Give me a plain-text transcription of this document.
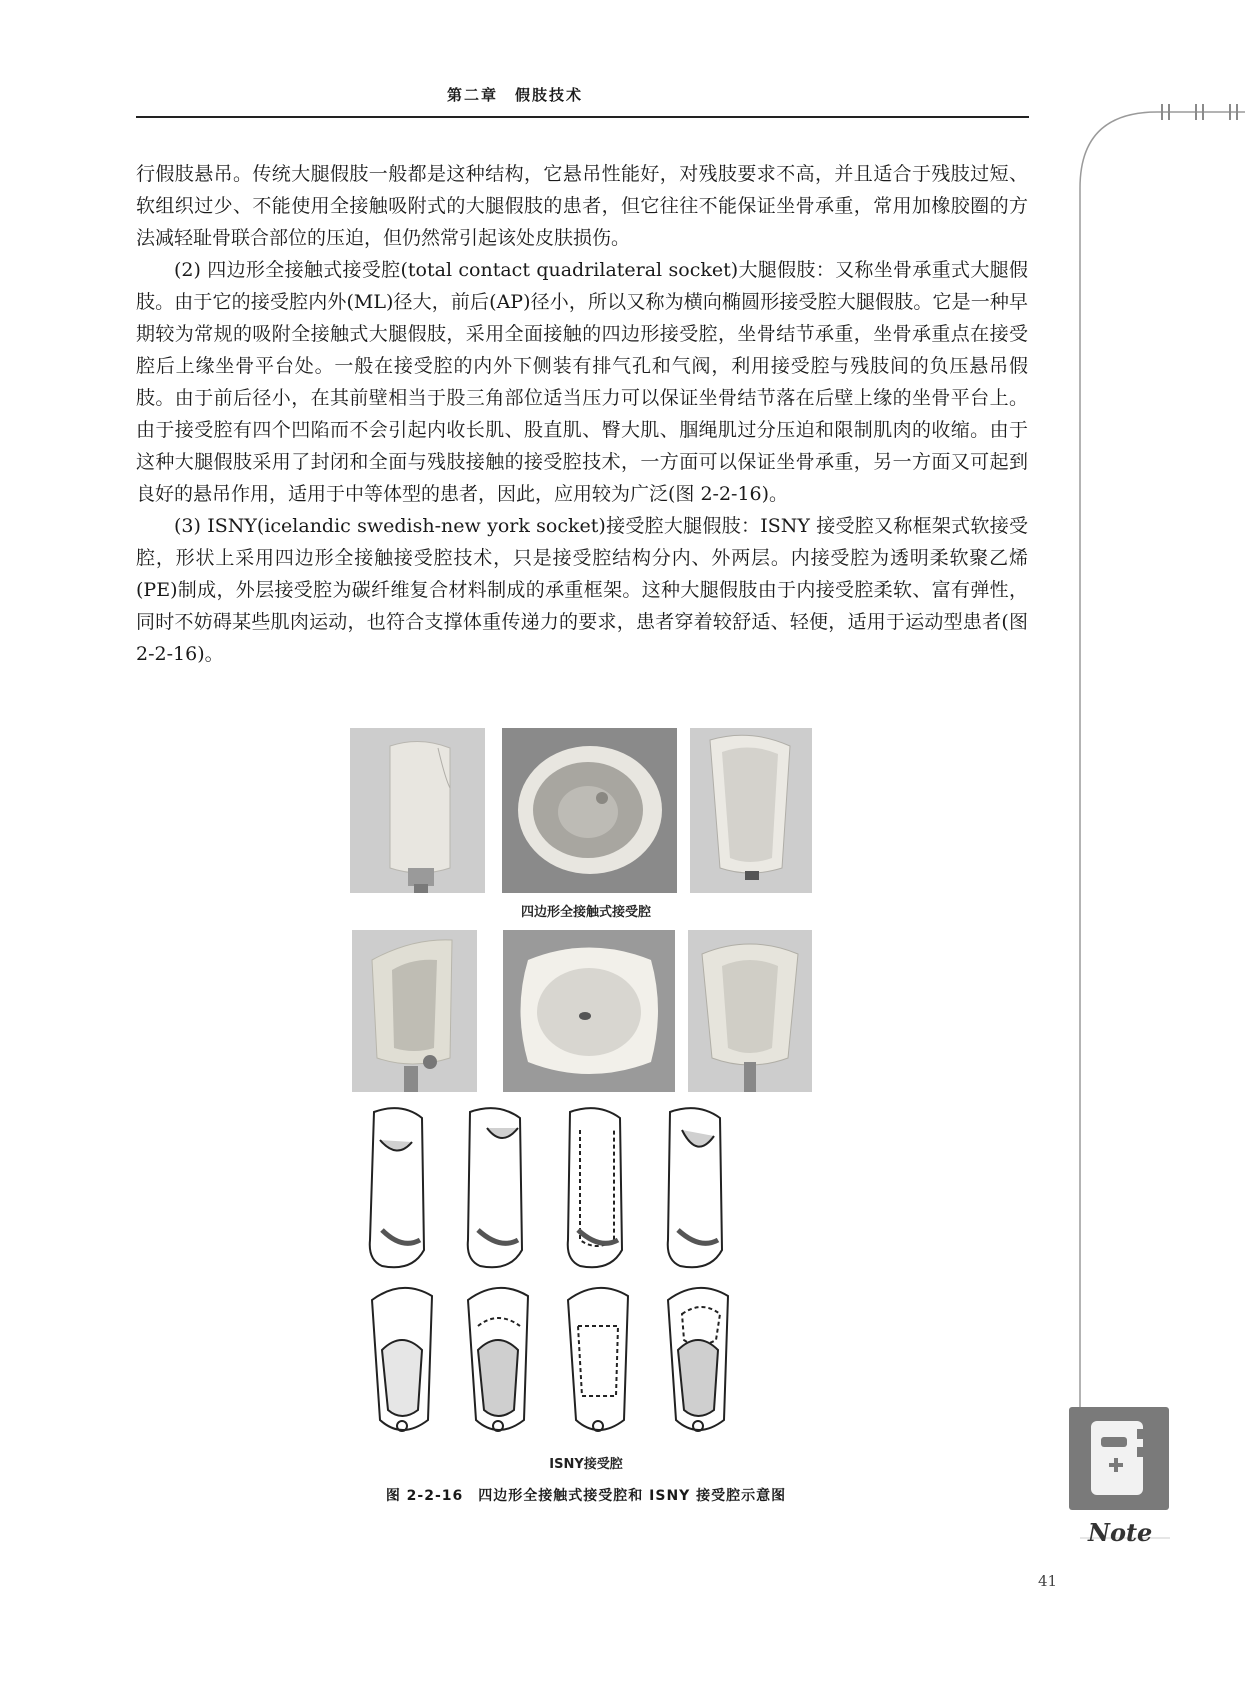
第二章　假肢技术

行假肢悬吊。传统大腿假肢一般都是这种结构，它悬吊性能好，对残肢要求不高，并且适合于残肢过短、软组织过少、不能使用全接触吸附式的大腿假肢的患者，但它往往不能保证坐骨承重，常用加橡胶圈的方法减轻耻骨联合部位的压迫，但仍然常引起该处皮肤损伤。

(2) 四边形全接触式接受腔(total contact quadrilateral socket)大腿假肢：又称坐骨承重式大腿假肢。由于它的接受腔内外(ML)径大，前后(AP)径小，所以又称为横向椭圆形接受腔大腿假肢。它是一种早期较为常规的吸附全接触式大腿假肢，采用全面接触的四边形接受腔，坐骨结节承重，坐骨承重点在接受腔后上缘坐骨平台处。一般在接受腔的内外下侧装有排气孔和气阀，利用接受腔与残肢间的负压悬吊假肢。由于前后径小，在其前壁相当于股三角部位适当压力可以保证坐骨结节落在后壁上缘的坐骨平台上。由于接受腔有四个凹陷而不会引起内收长肌、股直肌、臀大肌、腘绳肌过分压迫和限制肌肉的收缩。由于这种大腿假肢采用了封闭和全面与残肢接触的接受腔技术，一方面可以保证坐骨承重，另一方面又可起到良好的悬吊作用，适用于中等体型的患者，因此，应用较为广泛(图 2-2-16)。

(3) ISNY(icelandic swedish-new york socket)接受腔大腿假肢：ISNY 接受腔又称框架式软接受腔，形状上采用四边形全接触接受腔技术，只是接受腔结构分内、外两层。内接受腔为透明柔软聚乙烯(PE)制成，外层接受腔为碳纤维复合材料制成的承重框架。这种大腿假肢由于内接受腔柔软、富有弹性，同时不妨碍某些肌肉运动，也符合支撑体重传递力的要求，患者穿着较舒适、轻便，适用于运动型患者(图 2-2-16)。

四边形全接触式接受腔
ISNY接受腔
图 2-2-16　四边形全接触式接受腔和 ISNY 接受腔示意图
Note
41
